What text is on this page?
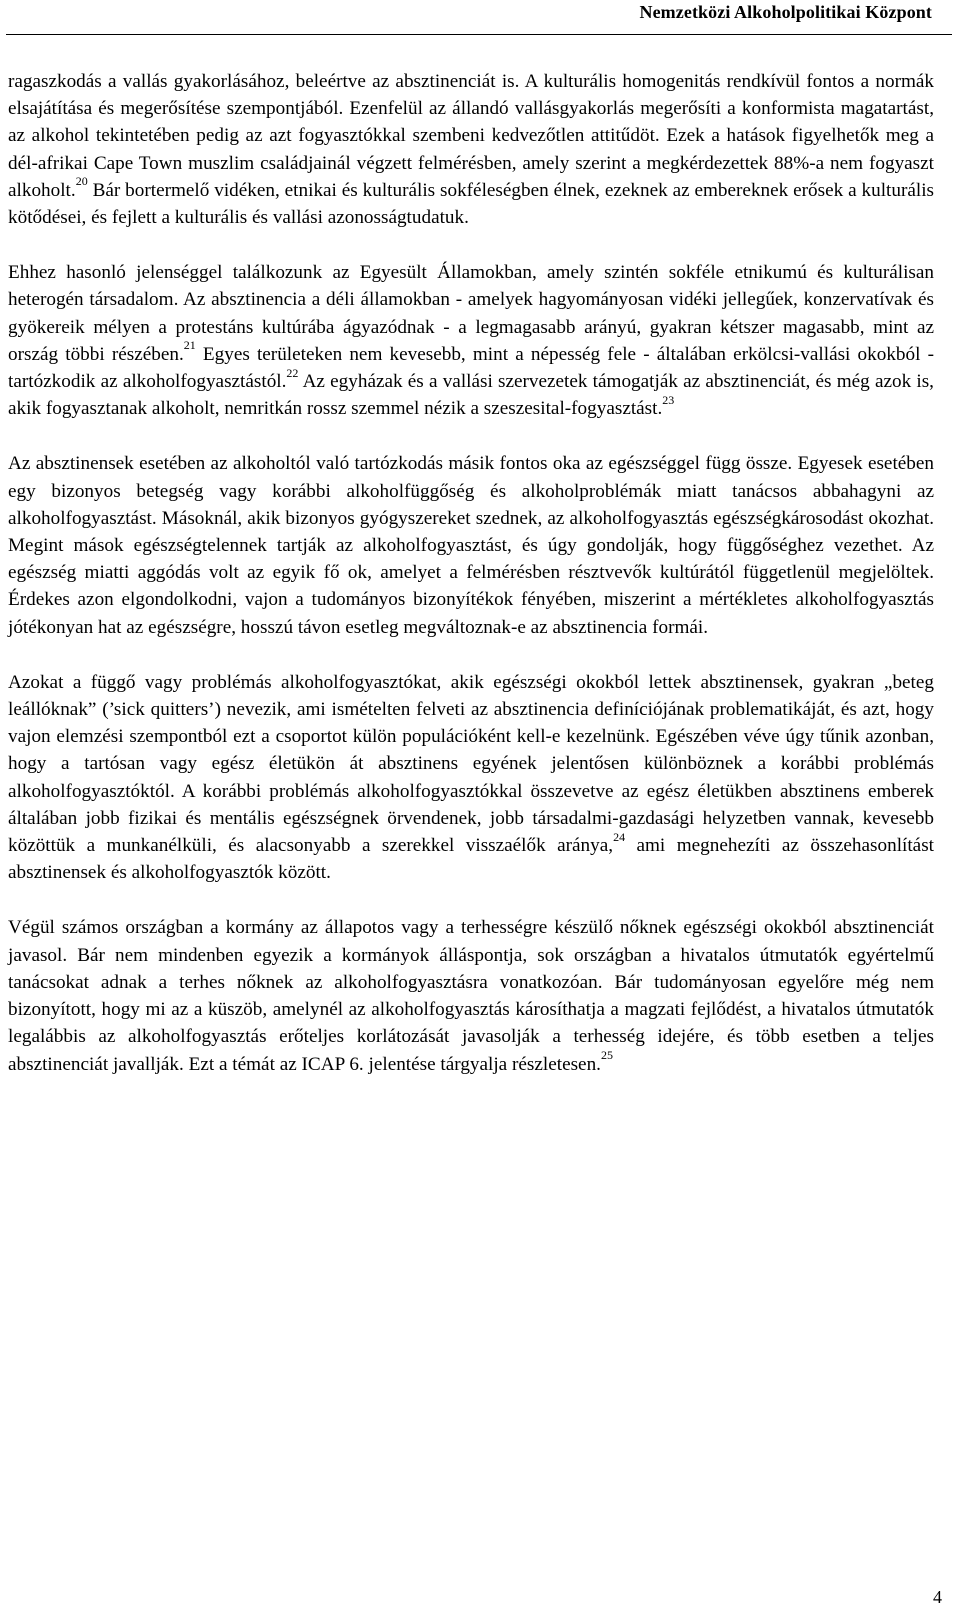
Nemzetközi Alkoholpolitikai Központ

ragaszkodás a vallás gyakorlásához, beleértve az absztinenciát is. A kulturális homogenitás rendkívül fontos a normák elsajátítása és megerősítése szempontjából. Ezenfelül az állandó vallásgyakorlás megerősíti a konformista magatartást, az alkohol tekintetében pedig az azt fogyasztókkal szembeni kedvezőtlen attitűdöt. Ezek a hatások figyelhetők meg a dél-afrikai Cape Town muszlim családjainál végzett felmérésben, amely szerint a megkérdezettek 88%-a nem fogyaszt alkoholt.$^{20}$ Bár bortermelő vidéken, etnikai és kulturális sokféleségben élnek, ezeknek az embereknek erősek a kulturális kötődései, és fejlett a kulturális és vallási azonosságtudatuk.

Ehhez hasonló jelenséggel találkozunk az Egyesült Államokban, amely szintén sokféle etnikumú és kulturálisan heterogén társadalom. Az absztinencia a déli államokban - amelyek hagyományosan vidéki jellegűek, konzervatívak és gyökereik mélyen a protestáns kultúrába ágyazódnak - a legmagasabb arányú, gyakran kétszer magasabb, mint az ország többi részében.$^{21}$ Egyes területeken nem kevesebb, mint a népesség fele - általában erkölcsi-vallási okokból - tartózkodik az alkoholfogyasztástól.$^{22}$ Az egyházak és a vallási szervezetek támogatják az absztinenciát, és még azok is, akik fogyasztanak alkoholt, nemritkán rossz szemmel nézik a szeszesital-fogyasztást.$^{23}$

Az absztinensek esetében az alkoholtól való tartózkodás másik fontos oka az egészséggel függ össze. Egyesek esetében egy bizonyos betegség vagy korábbi alkoholfüggőség és alkoholproblémák miatt tanácsos abbahagyni az alkoholfogyasztást. Másoknál, akik bizonyos gyógyszereket szednek, az alkoholfogyasztás egészségkárosodást okozhat. Megint mások egészségtelennek tartják az alkoholfogyasztást, és úgy gondolják, hogy függőséghez vezethet. Az egészség miatti aggódás volt az egyik fő ok, amelyet a felmérésben résztvevők kultúrától függetlenül megjelöltek. Érdekes azon elgondolkodni, vajon a tudományos bizonyítékok fényében, miszerint a mértékletes alkoholfogyasztás jótékonyan hat az egészségre, hosszú távon esetleg megváltoznak-e az absztinencia formái.

Azokat a függő vagy problémás alkoholfogyasztókat, akik egészségi okokból lettek absztinensek, gyakran „beteg leállóknak” (’sick quitters’) nevezik, ami ismételten felveti az absztinencia definíciójának problematikáját, és azt, hogy vajon elemzési szempontból ezt a csoportot külön populációként kell-e kezelnünk. Egészében véve úgy tűnik azonban, hogy a tartósan vagy egész életükön át absztinens egyének jelentősen különböznek a korábbi problémás alkoholfogyasztóktól. A korábbi problémás alkoholfogyasztókkal összevetve az egész életükben absztinens emberek általában jobb fizikai és mentális egészségnek örvendenek, jobb társadalmi-gazdasági helyzetben vannak, kevesebb közöttük a munkanélküli, és alacsonyabb a szerekkel visszaélők aránya,$^{24}$ ami megnehezíti az összehasonlítást absztinensek és alkoholfogyasztók között.

Végül számos országban a kormány az állapotos vagy a terhességre készülő nőknek egészségi okokból absztinenciát javasol. Bár nem mindenben egyezik a kormányok álláspontja, sok országban a hivatalos útmutatók egyértelmű tanácsokat adnak a terhes nőknek az alkoholfogyasztásra vonatkozóan. Bár tudományosan egyelőre még nem bizonyított, hogy mi az a küszöb, amelynél az alkoholfogyasztás károsíthatja a magzati fejlődést, a hivatalos útmutatók legalábbis az alkoholfogyasztás erőteljes korlátozását javasolják a terhesség idejére, és több esetben a teljes absztinenciát javallják. Ezt a témát az ICAP 6. jelentése tárgyalja részletesen.$^{25}$

4
